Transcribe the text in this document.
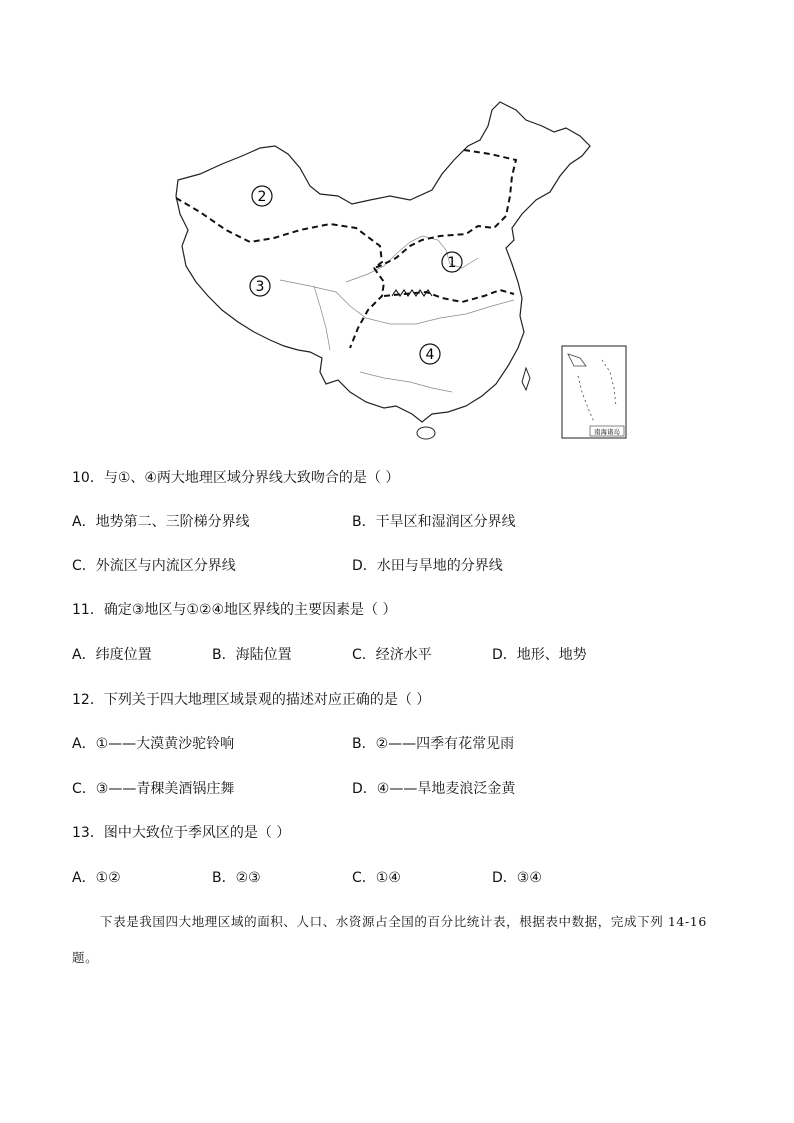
2
1
3
4
南海诸岛
10．与①、④两大地理区域分界线大致吻合的是（ ）
A．地势第二、三阶梯分界线	B．干旱区和湿润区分界线
C．外流区与内流区分界线	D．水田与旱地的分界线
11．确定③地区与①②④地区界线的主要因素是（ ）
A．纬度位置	B．海陆位置	C．经济水平	D．地形、地势
12．下列关于四大地理区域景观的描述对应正确的是（ ）
A．①——大漠黄沙驼铃响	B．②——四季有花常见雨
C．③——青稞美酒锅庄舞	D．④——旱地麦浪泛金黄
13．图中大致位于季风区的是（ ）
A．①②	B．②③	C．①④	D．③④
下表是我国四大地理区域的面积、人口、水资源占全国的百分比统计表，根据表中数据，完成下列 14-16 题。
